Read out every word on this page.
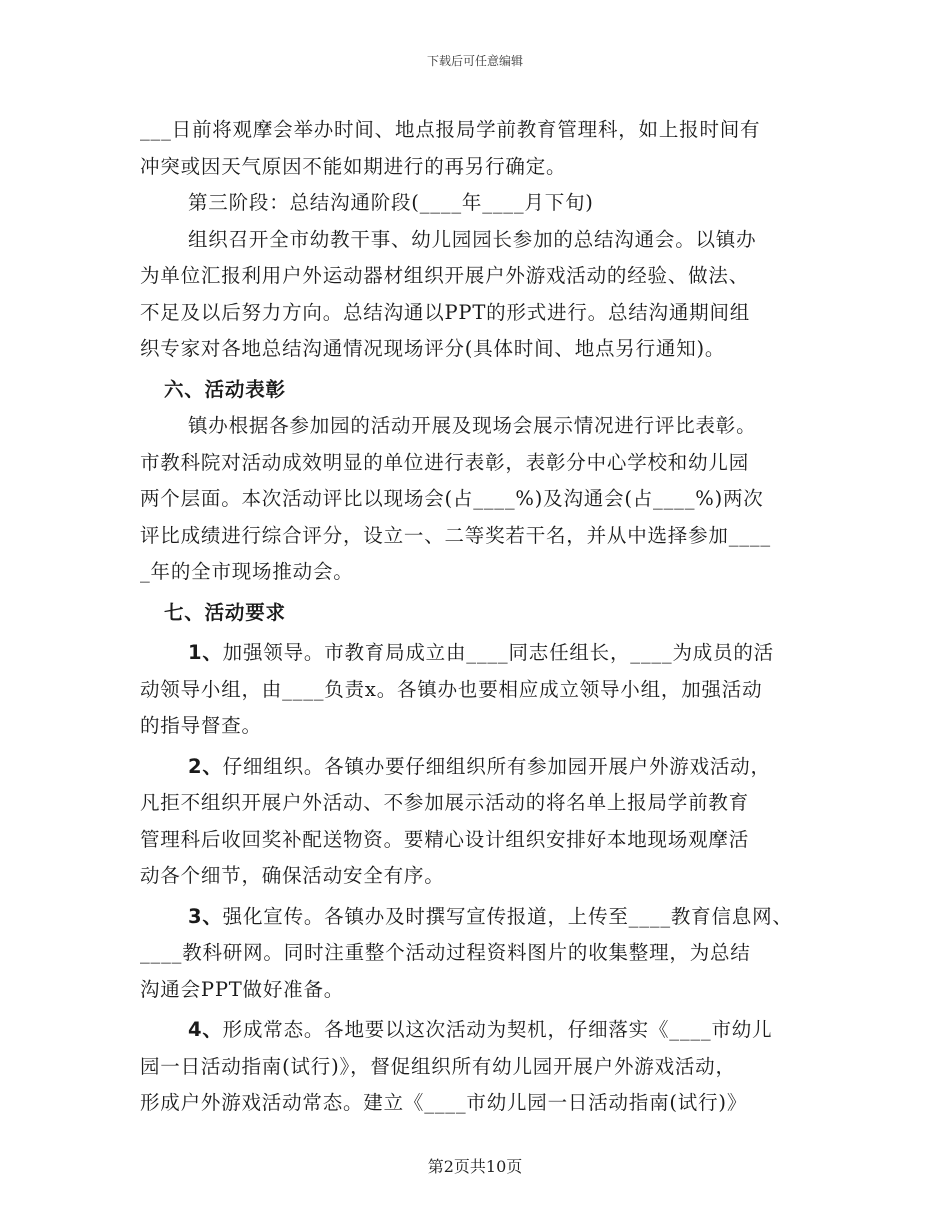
下载后可任意编辑
___日前将观摩会举办时间、地点报局学前教育管理科，如上报时间有
冲突或因天气原因不能如期进行的再另行确定。
第三阶段：总结沟通阶段(____年____月下旬)
组织召开全市幼教干事、幼儿园园长参加的总结沟通会。以镇办
为单位汇报利用户外运动器材组织开展户外游戏活动的经验、做法、
不足及以后努力方向。总结沟通以PPT的形式进行。总结沟通期间组
织专家对各地总结沟通情况现场评分(具体时间、地点另行通知)。
六、活动表彰
镇办根据各参加园的活动开展及现场会展示情况进行评比表彰。
市教科院对活动成效明显的单位进行表彰，表彰分中心学校和幼儿园
两个层面。本次活动评比以现场会(占____%)及沟通会(占____%)两次
评比成绩进行综合评分，设立一、二等奖若干名，并从中选择参加____
_年的全市现场推动会。
七、活动要求
1、加强领导。市教育局成立由____同志任组长，____为成员的活
动领导小组，由____负责x。各镇办也要相应成立领导小组，加强活动
的指导督查。
2、仔细组织。各镇办要仔细组织所有参加园开展户外游戏活动，
凡拒不组织开展户外活动、不参加展示活动的将名单上报局学前教育
管理科后收回奖补配送物资。要精心设计组织安排好本地现场观摩活
动各个细节，确保活动安全有序。
3、强化宣传。各镇办及时撰写宣传报道，上传至____教育信息网、
____教科研网。同时注重整个活动过程资料图片的收集整理，为总结
沟通会PPT做好准备。
4、形成常态。各地要以这次活动为契机，仔细落实《____市幼儿
园一日活动指南(试行)》，督促组织所有幼儿园开展户外游戏活动，
形成户外游戏活动常态。建立《____市幼儿园一日活动指南(试行)》
第2页共10页
